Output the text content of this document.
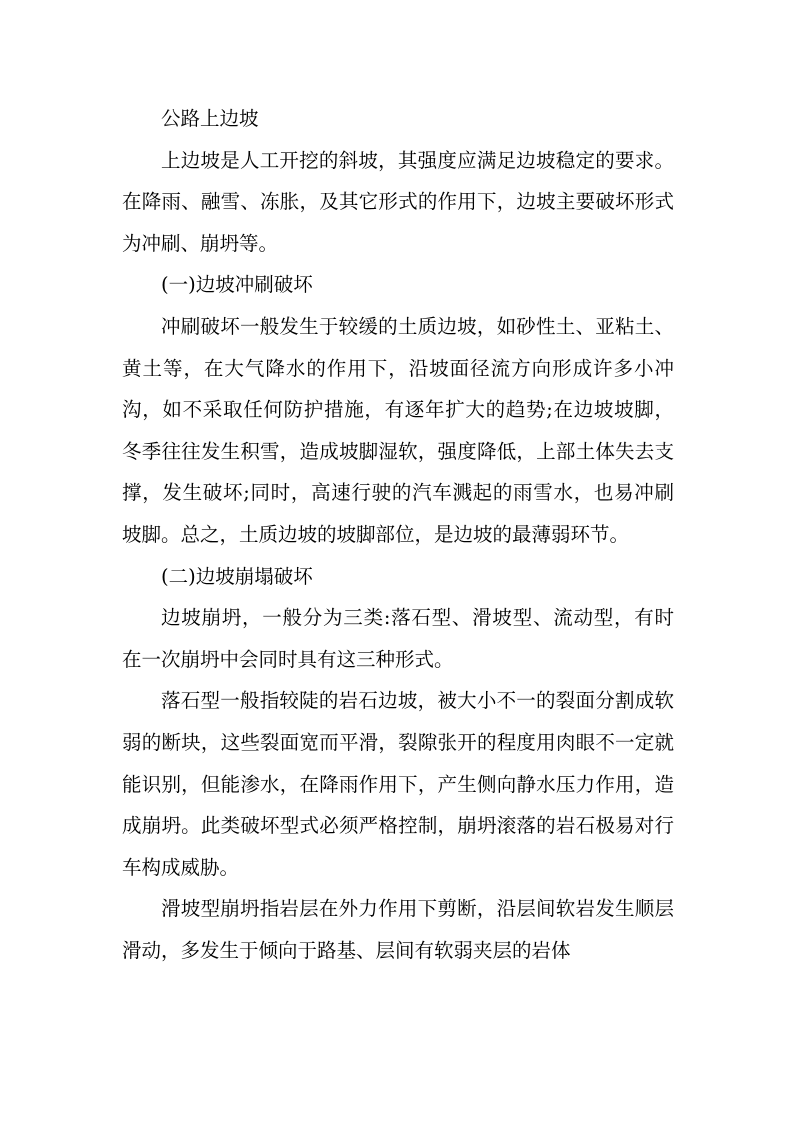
公路上边坡

上边坡是人工开挖的斜坡，其强度应满足边坡稳定的要求。在降雨、融雪、冻胀，及其它形式的作用下，边坡主要破坏形式为冲刷、崩坍等。

(一)边坡冲刷破坏

冲刷破坏一般发生于较缓的土质边坡，如砂性土、亚粘土、黄土等，在大气降水的作用下，沿坡面径流方向形成许多小冲沟，如不采取任何防护措施，有逐年扩大的趋势;在边坡坡脚，冬季往往发生积雪，造成坡脚湿软，强度降低，上部土体失去支撑，发生破坏;同时，高速行驶的汽车溅起的雨雪水，也易冲刷坡脚。总之，土质边坡的坡脚部位，是边坡的最薄弱环节。

(二)边坡崩塌破坏

边坡崩坍，一般分为三类:落石型、滑坡型、流动型，有时在一次崩坍中会同时具有这三种形式。

落石型一般指较陡的岩石边坡，被大小不一的裂面分割成软弱的断块，这些裂面宽而平滑，裂隙张开的程度用肉眼不一定就能识别，但能渗水，在降雨作用下，产生侧向静水压力作用，造成崩坍。此类破坏型式必须严格控制，崩坍滚落的岩石极易对行车构成威胁。

滑坡型崩坍指岩层在外力作用下剪断，沿层间软岩发生顺层滑动，多发生于倾向于路基、层间有软弱夹层的岩体
